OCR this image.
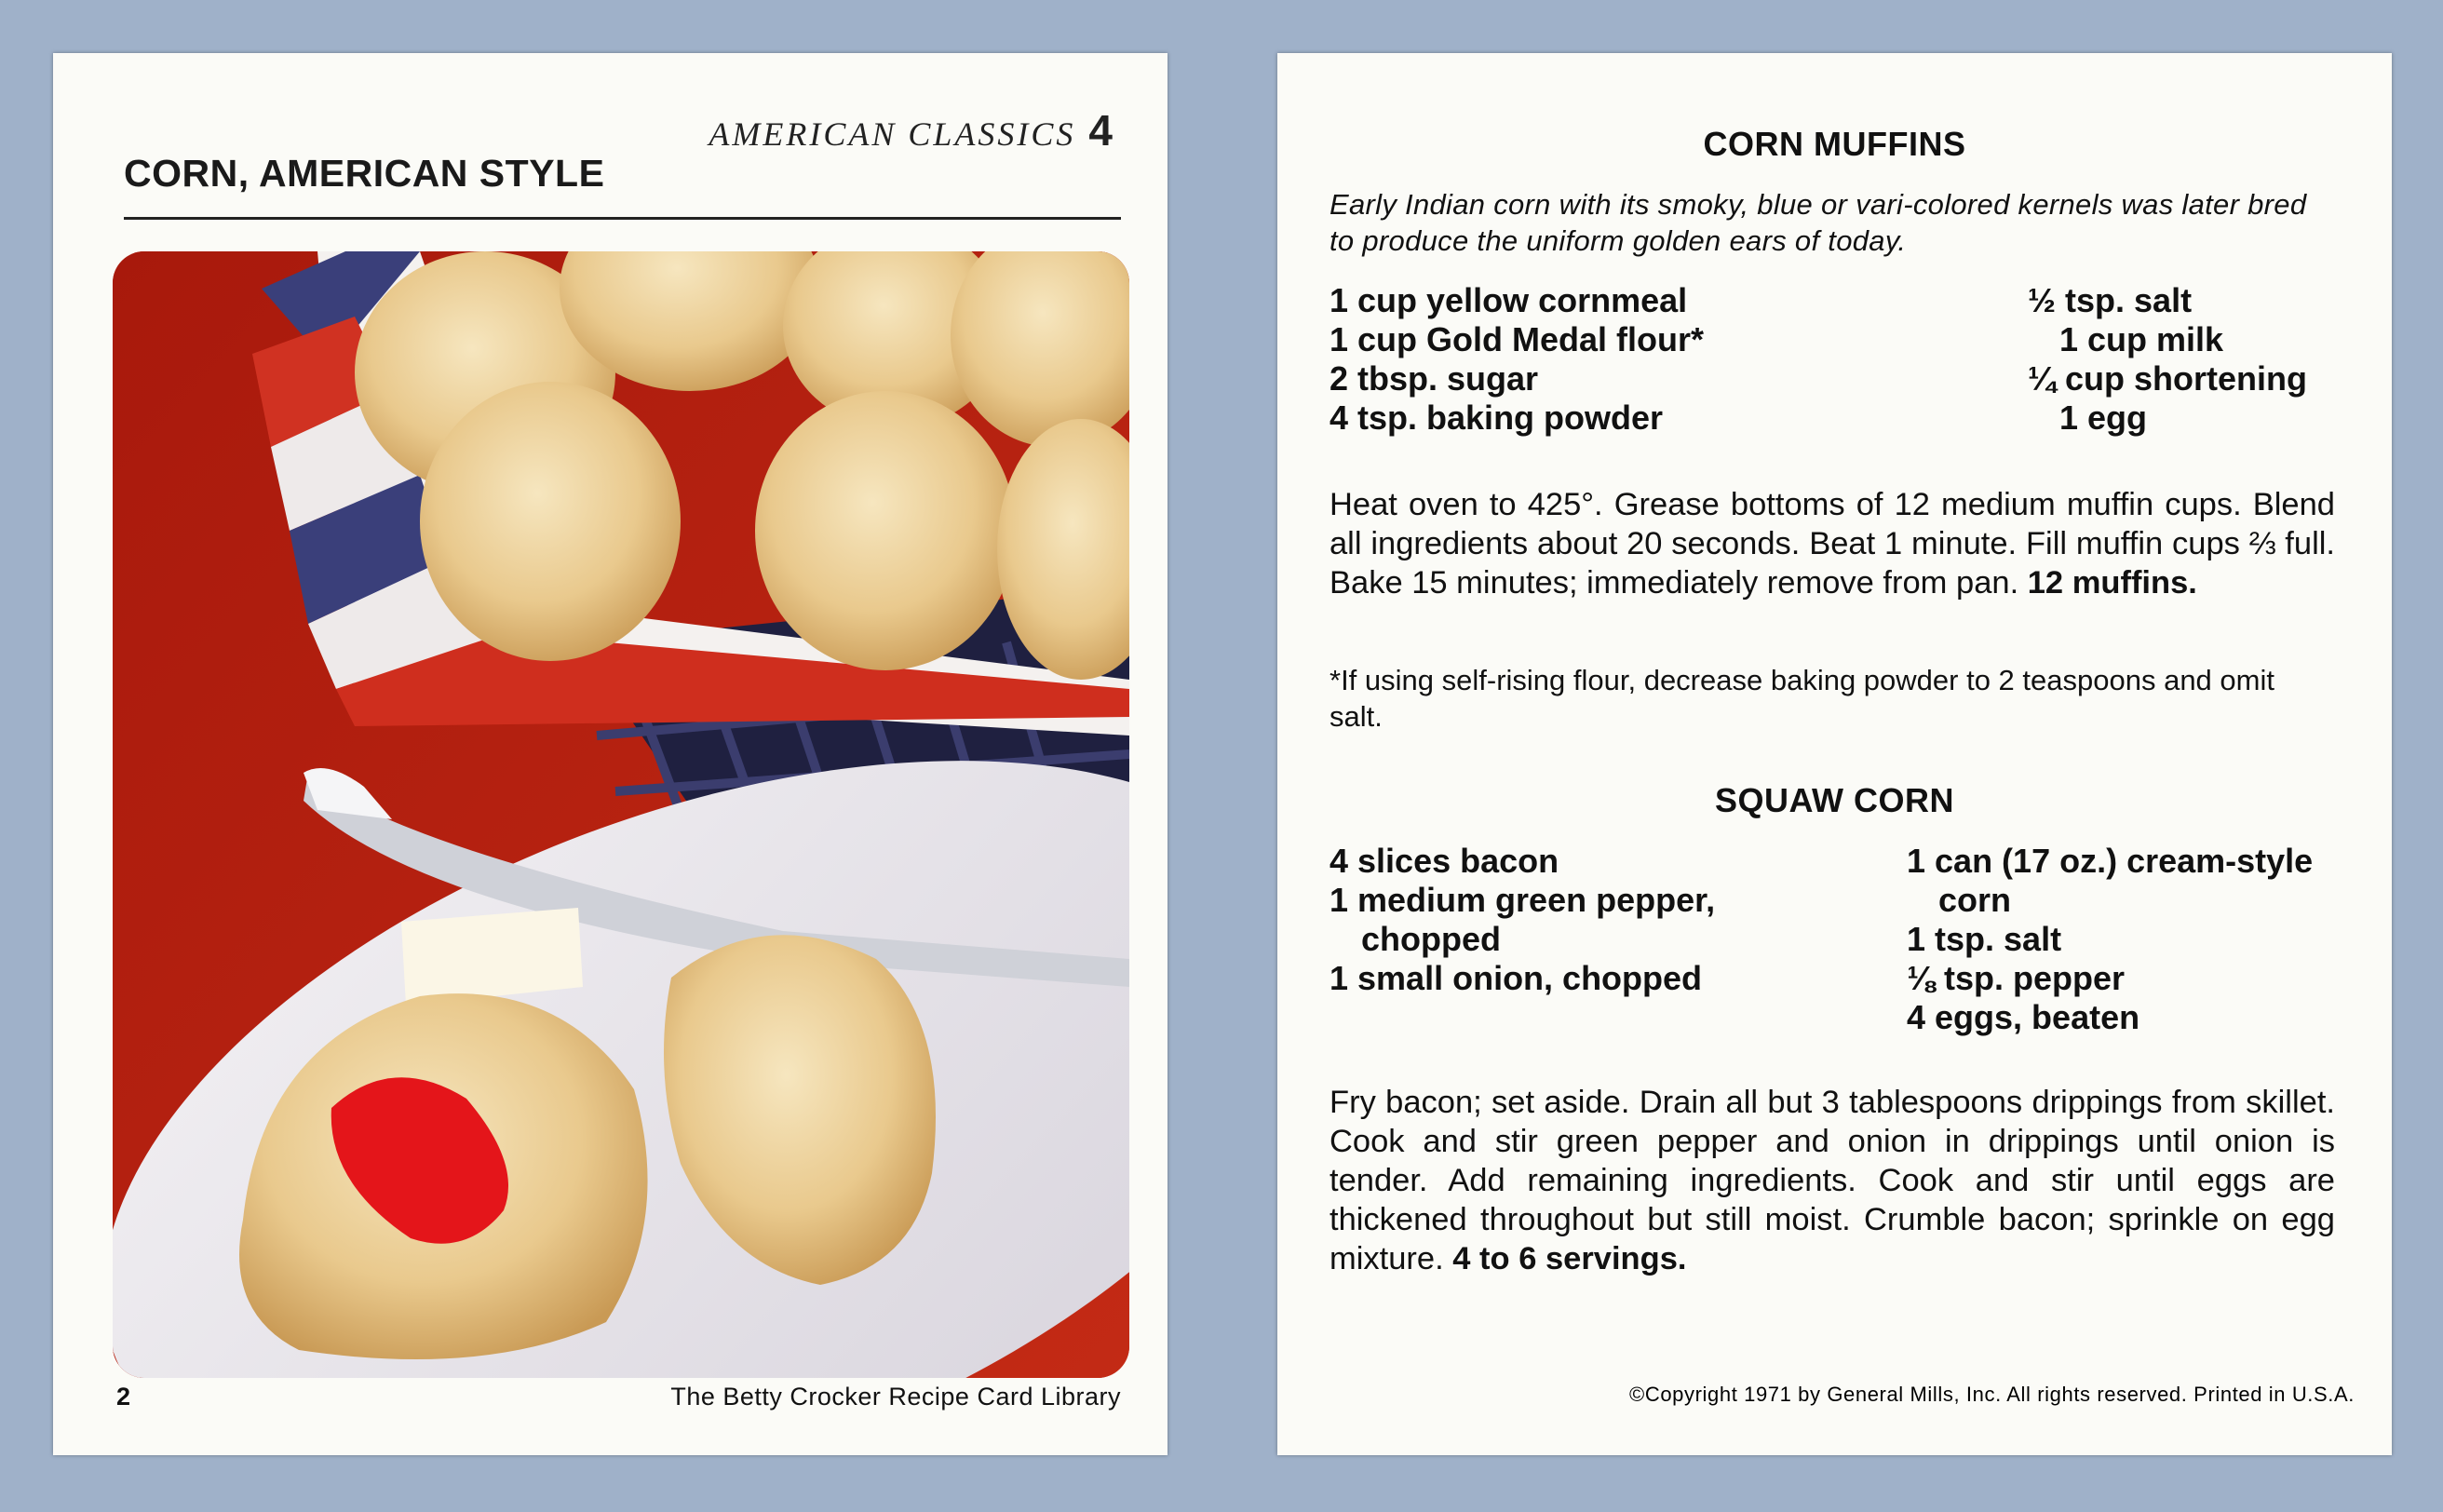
AMERICAN CLASSICS 4
CORN, AMERICAN STYLE
2	The Betty Crocker Recipe Card Library
CORN MUFFINS
Early Indian corn with its smoky, blue or vari-colored kernels was later bred to produce the uniform golden ears of today.
1 cup yellow cornmeal
1 cup Gold Medal flour*
2 tbsp. sugar
4 tsp. baking powder
½ tsp. salt
1 cup milk
¼ cup shortening
1 egg

Heat oven to 425°. Grease bottoms of 12 medium muffin cups. Blend all ingredients about 20 seconds. Beat 1 minute. Fill muffin cups ⅔ full. Bake 15 minutes; immediately remove from pan. 12 muffins.

*If using self-rising flour, decrease baking powder to 2 teaspoons and omit salt.

SQUAW CORN
4 slices bacon
1 medium green pepper,
chopped
1 small onion, chopped
1 can (17 oz.) cream-style
corn
1 tsp. salt
⅛ tsp. pepper
4 eggs, beaten

Fry bacon; set aside. Drain all but 3 tablespoons drippings from skillet. Cook and stir green pepper and onion in drippings until onion is tender. Add remaining ingredients. Cook and stir until eggs are thickened throughout but still moist. Crumble bacon; sprinkle on egg mixture. 4 to 6 servings.

©Copyright 1971 by General Mills, Inc. All rights reserved. Printed in U.S.A.
